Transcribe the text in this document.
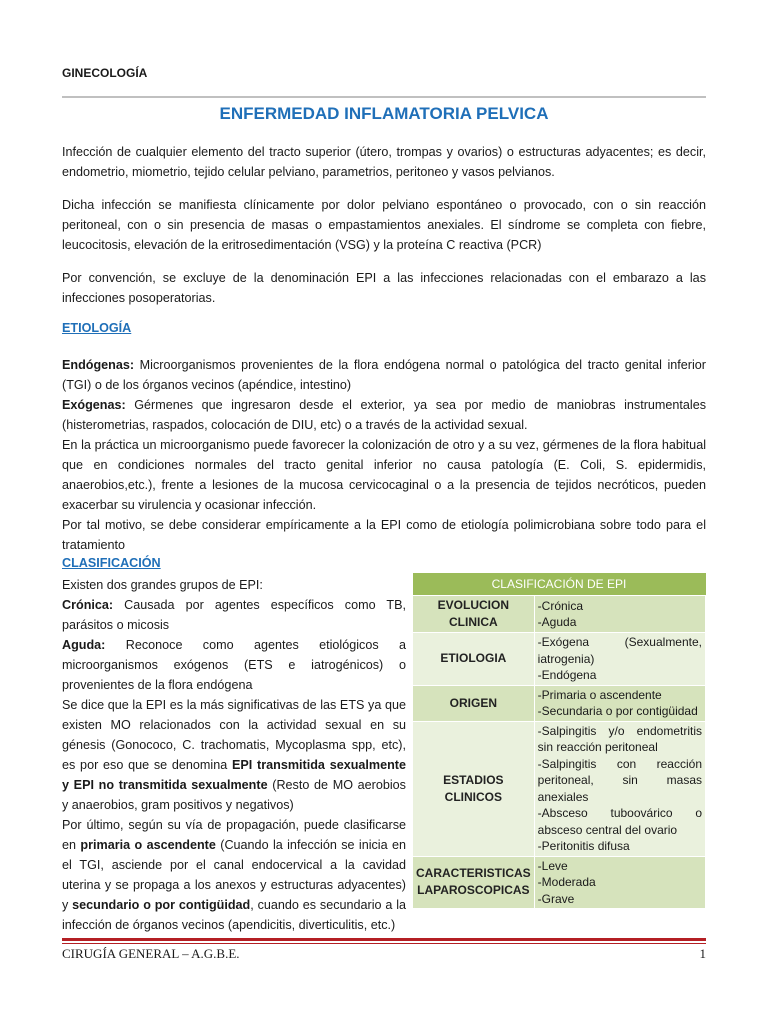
GINECOLOGÍA
ENFERMEDAD INFLAMATORIA PELVICA

Infección de cualquier elemento del tracto superior (útero, trompas y ovarios) o estructuras adyacentes; es decir, endometrio, miometrio, tejido celular pelviano, parametrios, peritoneo y vasos pelvianos.

Dicha infección se manifiesta clínicamente por dolor pelviano espontáneo o provocado, con o sin reacción peritoneal, con o sin presencia de masas o empastamientos anexiales. El síndrome se completa con fiebre, leucocitosis, elevación de la eritrosedimentación (VSG) y la proteína C reactiva (PCR)

Por convención, se excluye de la denominación EPI a las infecciones relacionadas con el embarazo a las infecciones posoperatorias.

ETIOLOGÍA

Endógenas: Microorganismos provenientes de la flora endógena normal o patológica del tracto genital inferior (TGI) o de los órganos vecinos (apéndice, intestino)

Exógenas: Gérmenes que ingresaron desde el exterior, ya sea por medio de maniobras instrumentales (histerometrias, raspados, colocación de DIU, etc) o a través de la actividad sexual.

En la práctica un microorganismo puede favorecer la colonización de otro y a su vez, gérmenes de la flora habitual que en condiciones normales del tracto genital inferior no causa patología (E. Coli, S. epidermidis, anaerobios,etc.), frente a lesiones de la mucosa cervicocaginal o a la presencia de tejidos necróticos, pueden exacerbar su virulencia y ocasionar infección.

Por tal motivo, se debe considerar empíricamente a la EPI como de etiología polimicrobiana sobre todo para el tratamiento

CLASIFICACIÓN

Existen dos grandes grupos de EPI:

Crónica: Causada por agentes específicos como TB, parásitos o micosis

Aguda: Reconoce como agentes etiológicos a microorganismos exógenos (ETS e iatrogénicos) o provenientes de la flora endógena

Se dice que la EPI es la más significativas de las ETS ya que existen MO relacionados con la actividad sexual en su génesis (Gonococo, C. trachomatis, Mycoplasma spp, etc), es por eso que se denomina EPI transmitida sexualmente y EPI no transmitida sexualmente (Resto de MO aerobios y anaerobios, gram positivos y negativos)

Por último, según su vía de propagación, puede clasificarse en primaria o ascendente (Cuando la infección se inicia en el TGI, asciende por el canal endocervical a la cavidad uterina y se propaga a los anexos y estructuras adyacentes) y secundario o por contigüidad, cuando es secundario a la infección de órganos vecinos (apendicitis, diverticulitis, etc.)

CLASIFICACIÓN DE EPI	
EVOLUCION CLINICA	-Crónica
-Aguda

ETIOLOGIA	-Exógena (Sexualmente, iatrogenia)
-Endógena

ORIGEN	-Primaria o ascendente
-Secundaria o por contigüidad

ESTADIOS CLINICOS	-Salpingitis y/o endometritis sin reacción peritoneal
-Salpingitis con reacción peritoneal, sin masas anexiales
-Absceso tuboovárico o absceso central del ovario
-Peritonitis difusa

CARACTERISTICAS LAPAROSCOPICAS	-Leve
-Moderada
-Grave
CIRUGÍA GENERAL – A.G.B.E.	1
